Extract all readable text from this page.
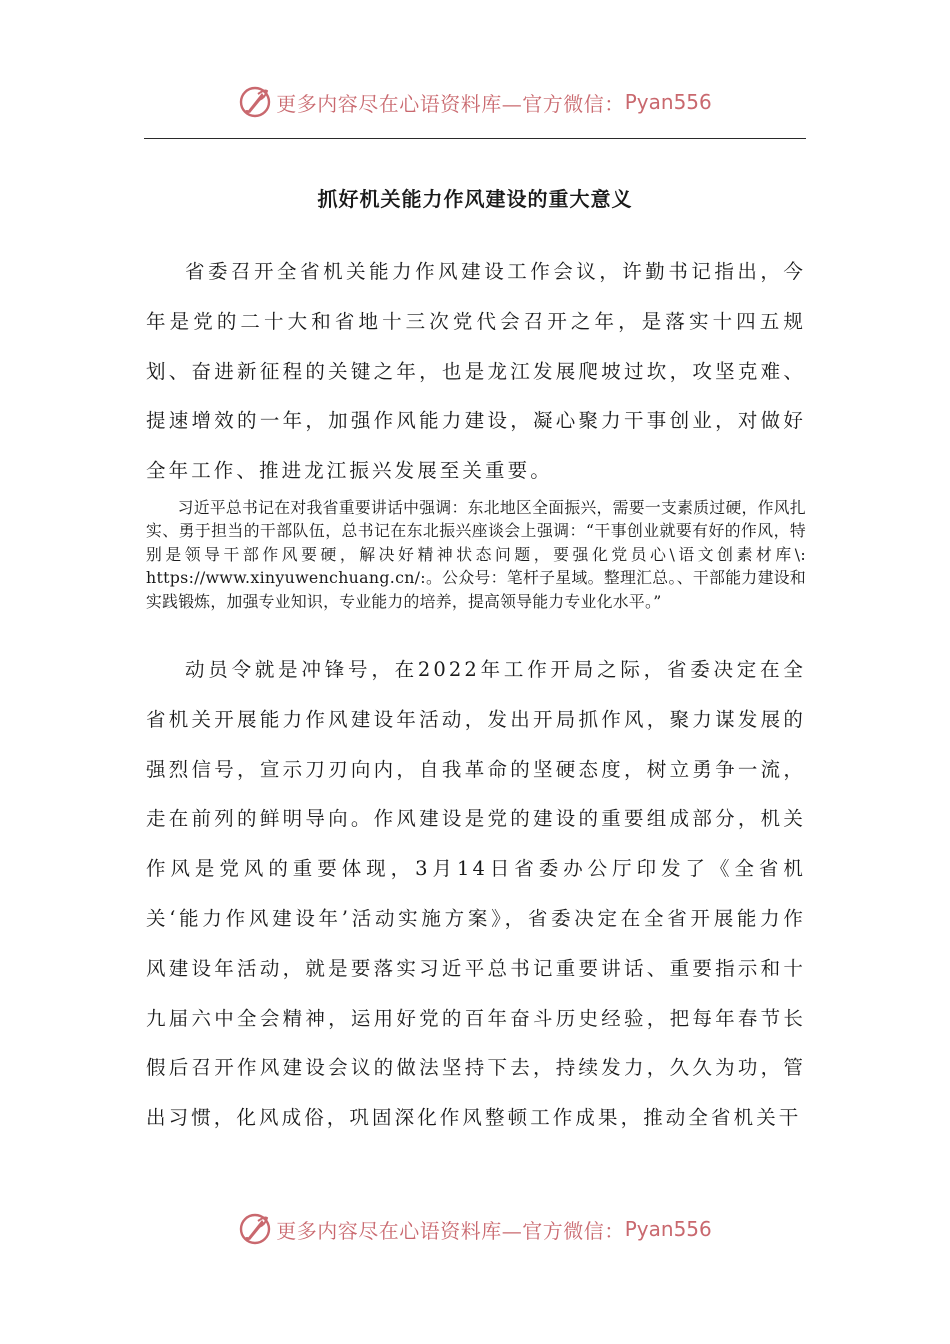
更多内容尽在心语资料库—官方微信： Pyan556
抓好机关能力作风建设的重大意义

省委召开全省机关能力作风建设工作会议，许勤书记指出，今年是党的二十大和省地十三次党代会召开之年，是落实十四五规划、奋进新征程的关键之年，也是龙江发展爬坡过坎，攻坚克难、提速增效的一年，加强作风能力建设，凝心聚力干事创业，对做好全年工作、推进龙江振兴发展至关重要。

习近平总书记在对我省重要讲话中强调：东北地区全面振兴，需要一支素质过硬，作风扎实、勇于担当的干部队伍，总书记在东北振兴座谈会上强调：“干事创业就要有好的作风，特别是领导干部作风要硬，解决好精神状态问题，要强化党员心\语文创素材库\: https://www.xinyuwenchuang.cn/:。公众号：笔杆子星域。整理汇总。、干部能力建设和实践锻炼，加强专业知识，专业能力的培养，提高领导能力专业化水平。”

动员令就是冲锋号，在2022年工作开局之际，省委决定在全省机关开展能力作风建设年活动，发出开局抓作风，聚力谋发展的强烈信号，宣示刀刃向内，自我革命的坚硬态度，树立勇争一流，走在前列的鲜明导向。作风建设是党的建设的重要组成部分，机关作风是党风的重要体现，3月14日省委办公厅印发了《全省机关‘能力作风建设年’活动实施方案》，省委决定在全省开展能力作风建设年活动，就是要落实习近平总书记重要讲话、重要指示和十九届六中全会精神，运用好党的百年奋斗历史经验，把每年春节长假后召开作风建设会议的做法坚持下去，持续发力，久久为功，管出习惯，化风成俗，巩固深化作风整顿工作成果，推动全省机关干

更多内容尽在心语资料库—官方微信： Pyan556
